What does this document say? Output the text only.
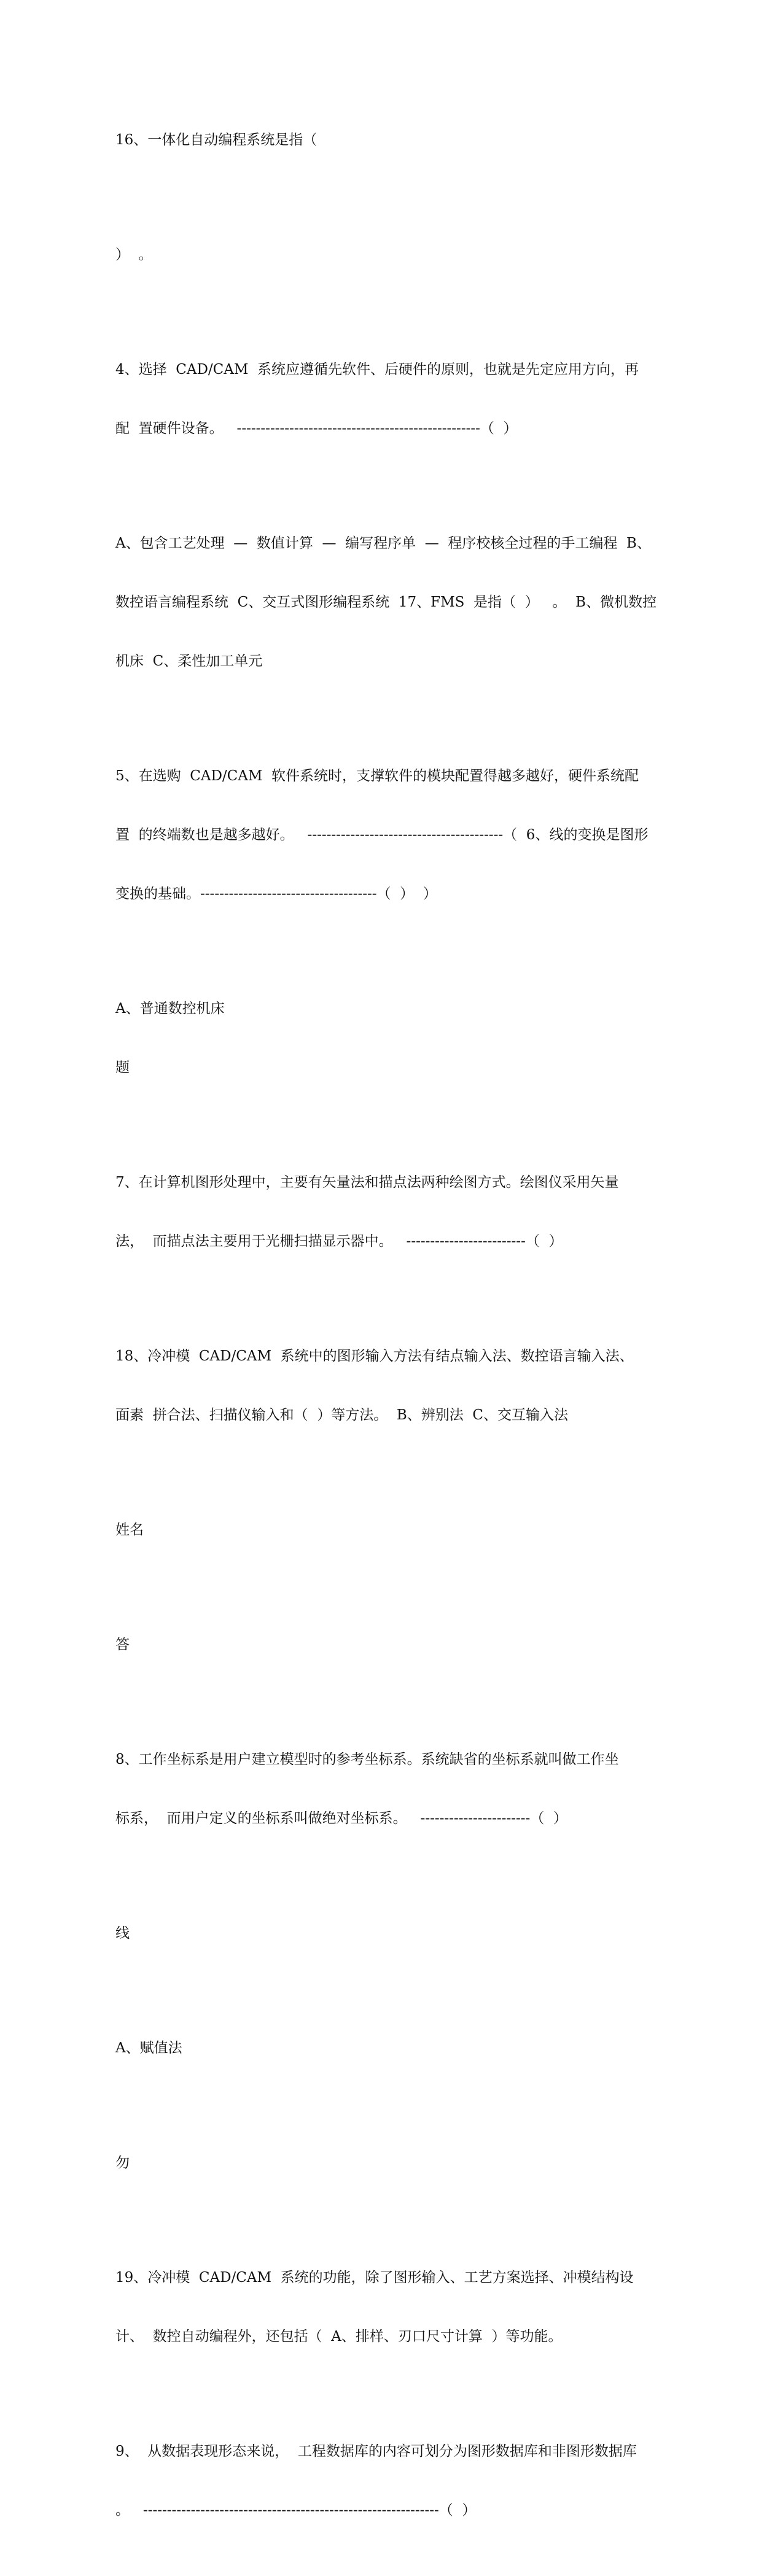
16、一体化自动编程系统是指（

）  。

4、选择  CAD/CAM  系统应遵循先软件、后硬件的原则，也就是先定应用方向，再

配  置硬件设备。   ---------------------------------------------------（  ）

A、包含工艺处理  —  数值计算  —  编写程序单  —  程序校核全过程的手工编程  B、

数控语言编程系统  C、交互式图形编程系统  17、FMS  是指（  ）   。  B、微机数控

机床  C、柔性加工单元

5、在选购  CAD/CAM  软件系统时，支撑软件的模块配置得越多越好，硬件系统配

置  的终端数也是越多越好。   -----------------------------------------（  6、线的变换是图形

变换的基础。-------------------------------------（  ）  ）

A、普通数控机床

题

7、在计算机图形处理中，主要有矢量法和描点法两种绘图方式。绘图仪采用矢量

法，  而描点法主要用于光栅扫描显示器中。   -------------------------（  ）

18、冷冲模  CAD/CAM  系统中的图形输入方法有结点输入法、数控语言输入法、

面素  拼合法、扫描仪输入和（  ）等方法。  B、辨别法  C、交互输入法

姓名

答

8、工作坐标系是用户建立模型时的参考坐标系。系统缺省的坐标系就叫做工作坐

标系，  而用户定义的坐标系叫做绝对坐标系。   -----------------------（  ）

线

A、赋值法

勿

19、冷冲模  CAD/CAM  系统的功能，除了图形输入、工艺方案选择、冲模结构设

计、  数控自动编程外，还包括（  A、排样、刃口尺寸计算  ）等功能。

9、  从数据表现形态来说，  工程数据库的内容可划分为图形数据库和非图形数据库

。   --------------------------------------------------------------（  ）
